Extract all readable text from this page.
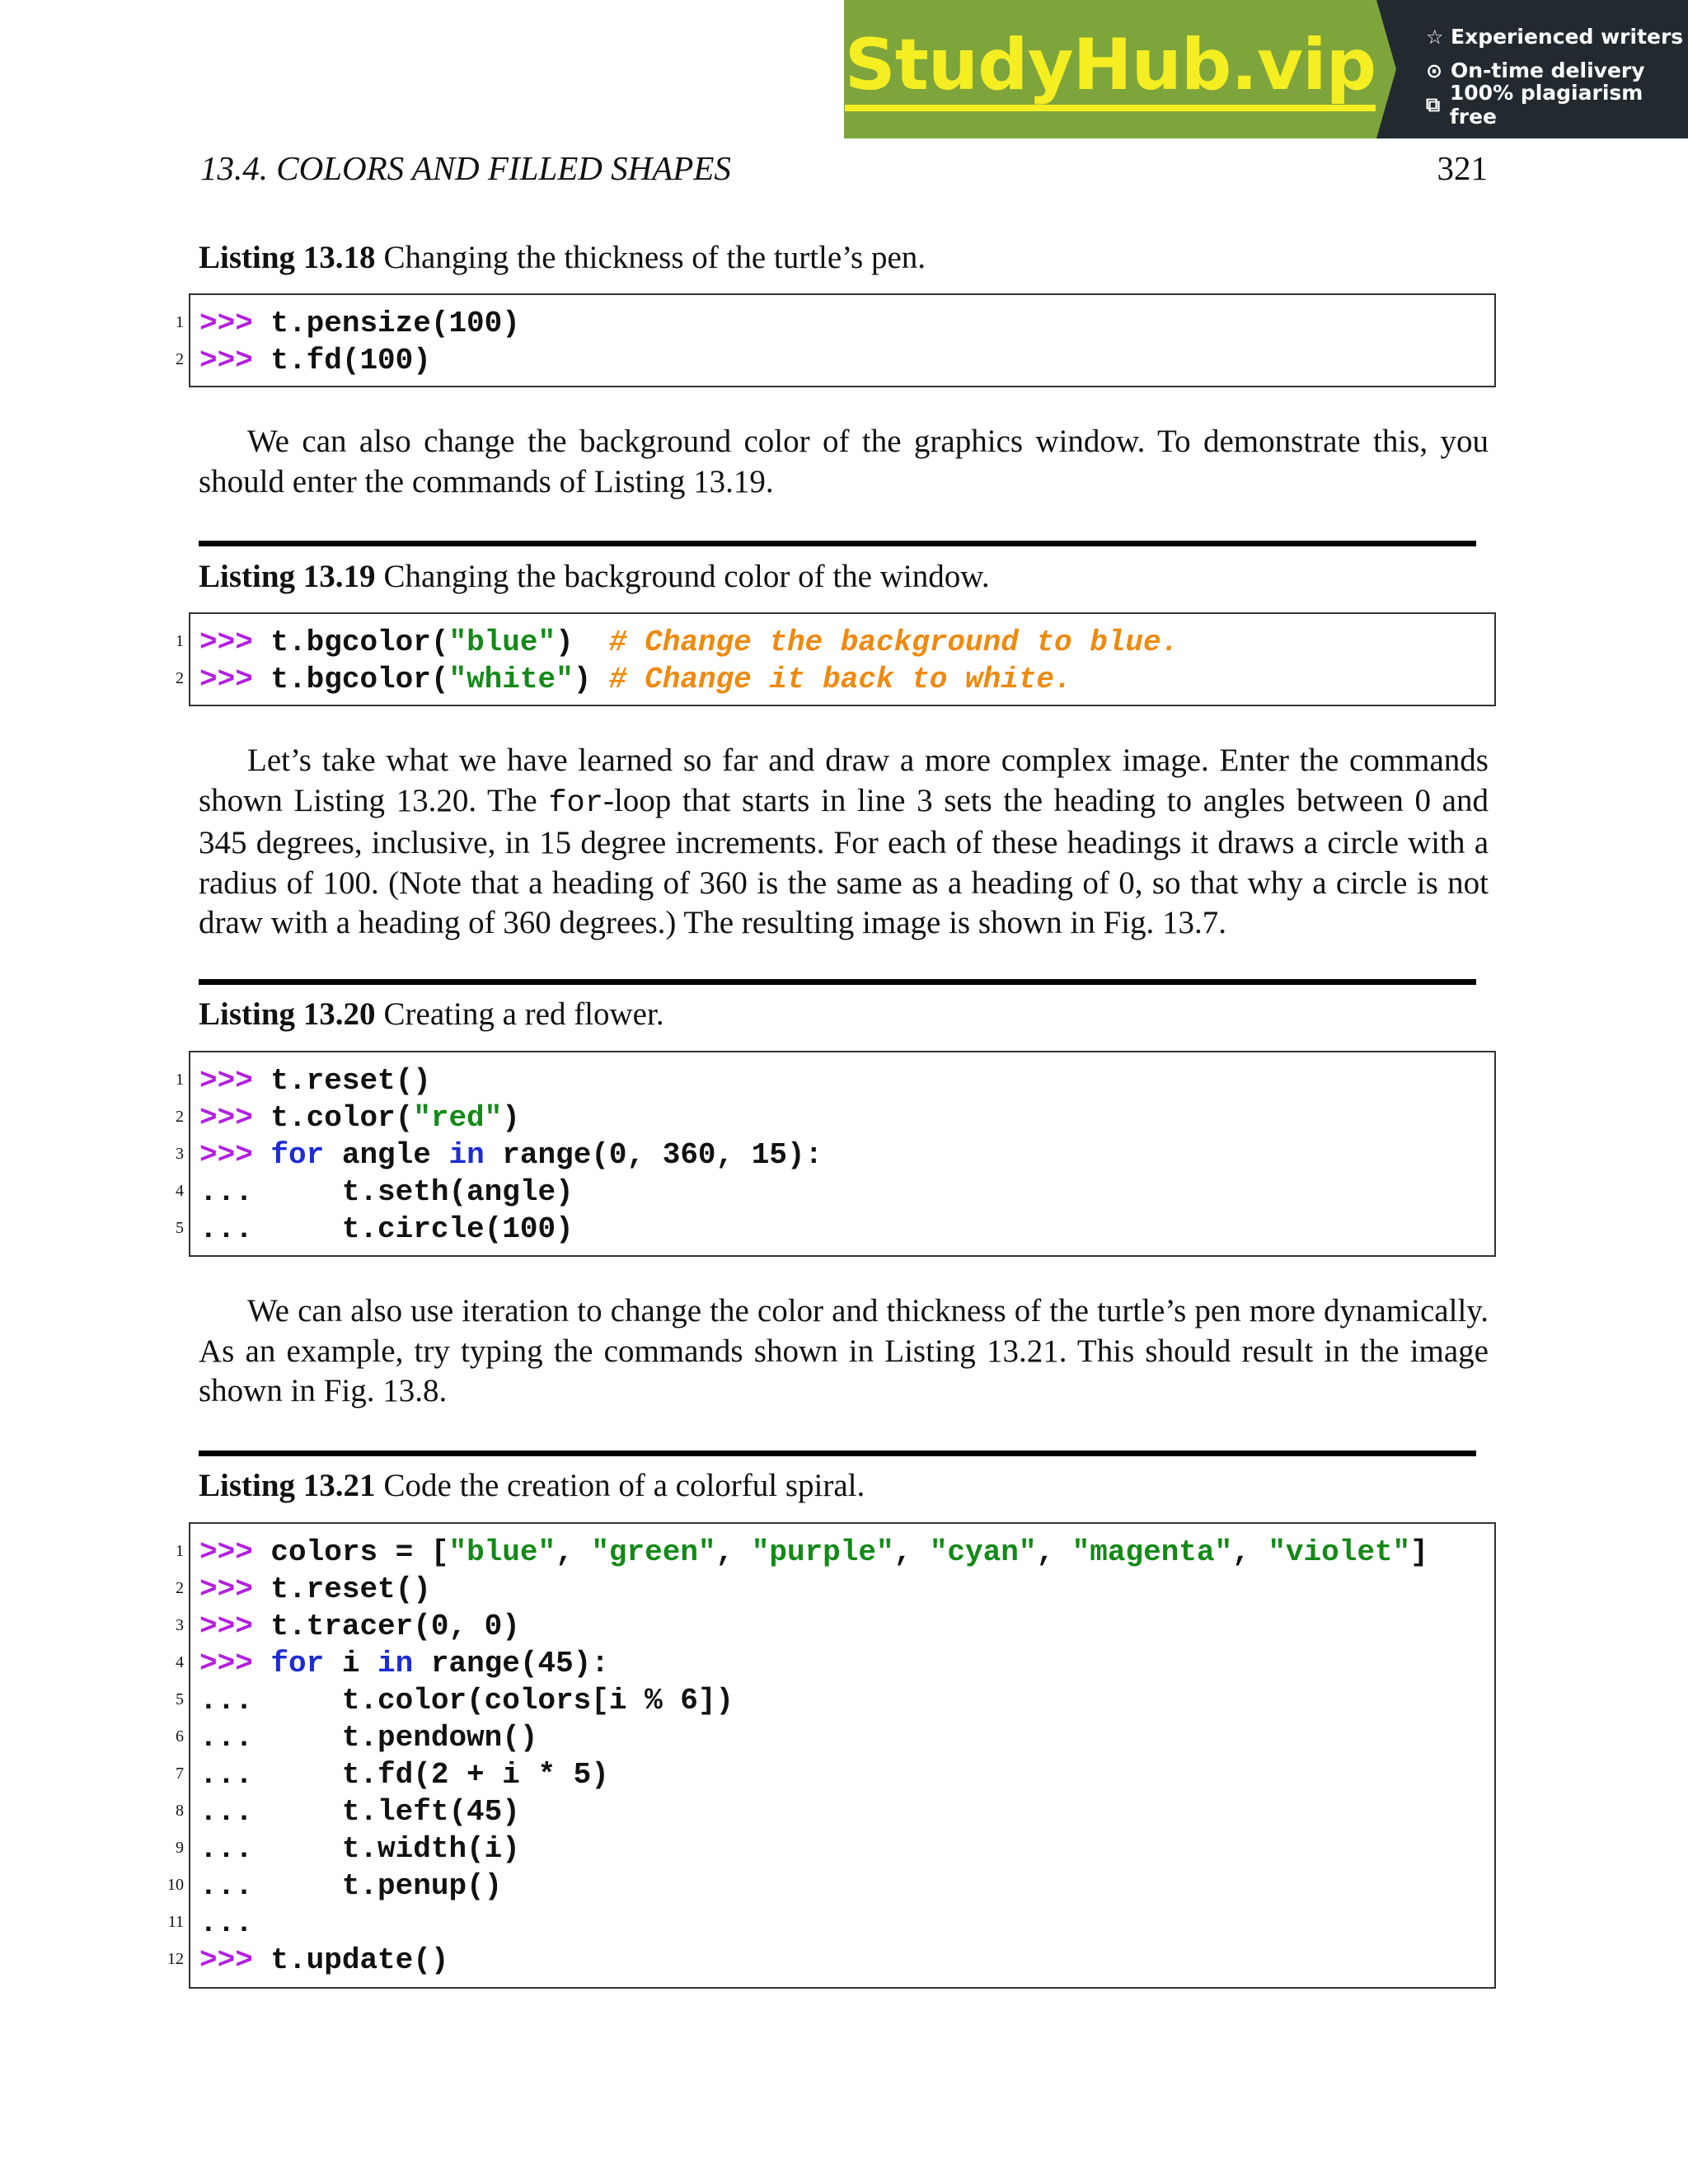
StudyHub.vip	☆ Experienced writers
⊙ On-time delivery
⧉ 100% plagiarism free
13.4. COLORS AND FILLED SHAPES	321
Listing 13.18 Changing the thickness of the turtle’s pen.
1 >>> t.pensize(100)
2 >>> t.fd(100)
We can also change the background color of the graphics window. To demonstrate this, you should enter the commands of Listing 13.19.
Listing 13.19 Changing the background color of the window.
1 >>> t.bgcolor("blue")  # Change the background to blue.
2 >>> t.bgcolor("white") # Change it back to white.
Let’s take what we have learned so far and draw a more complex image. Enter the commands shown Listing 13.20. The for-loop that starts in line 3 sets the heading to angles between 0 and 345 degrees, inclusive, in 15 degree increments. For each of these headings it draws a circle with a radius of 100. (Note that a heading of 360 is the same as a heading of 0, so that why a circle is not draw with a heading of 360 degrees.) The resulting image is shown in Fig. 13.7.
Listing 13.20 Creating a red flower.
1 >>> t.reset()
2 >>> t.color("red")
3 >>> for angle in range(0, 360, 15):
4 ...     t.seth(angle)
5 ...     t.circle(100)
We can also use iteration to change the color and thickness of the turtle’s pen more dynamically. As an example, try typing the commands shown in Listing 13.21. This should result in the image shown in Fig. 13.8.
Listing 13.21 Code the creation of a colorful spiral.
1 >>> colors = ["blue", "green", "purple", "cyan", "magenta", "violet"]
2 >>> t.reset()
3 >>> t.tracer(0, 0)
4 >>> for i in range(45):
5 ...     t.color(colors[i % 6])
6 ...     t.pendown()
7 ...     t.fd(2 + i * 5)
8 ...     t.left(45)
9 ...     t.width(i)
10 ...     t.penup()
11 ...
12 >>> t.update()
